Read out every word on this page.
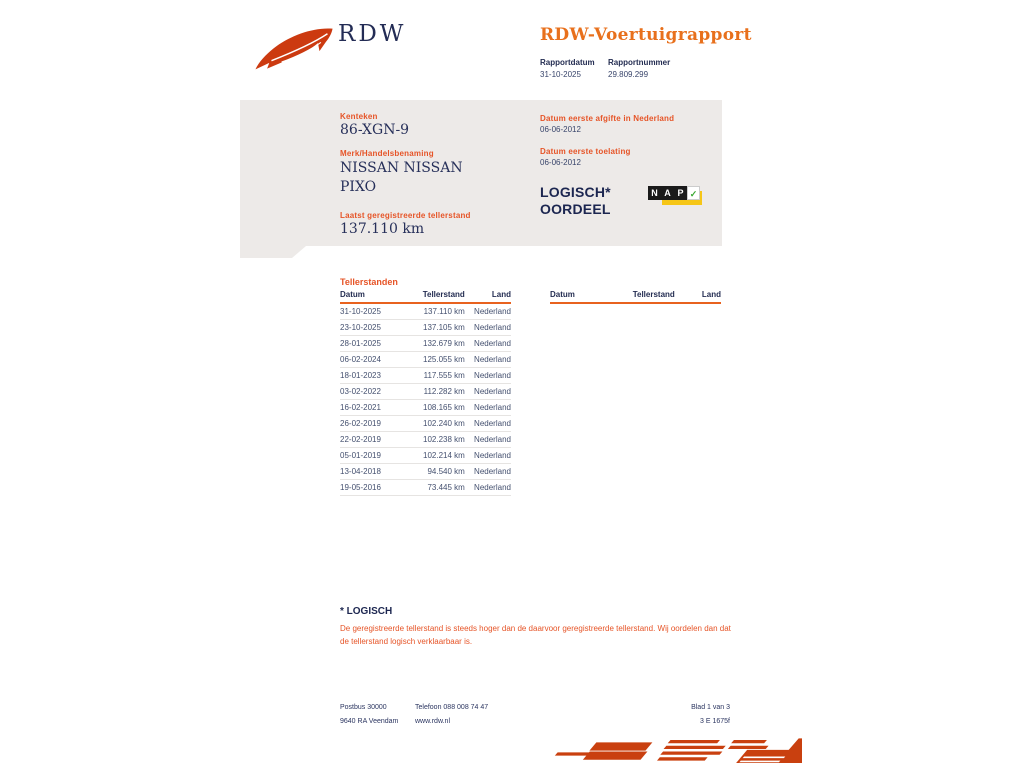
RDW	RDW-Voertuigrapport
Rapportdatum
31-10-2025
Rapportnummer
29.809.299
Kenteken
86-XGN-9
Merk/Handelsbenaming
NISSAN NISSAN PIXO
Laatst geregistreerde tellerstand
137.110 km
Datum eerste afgifte in Nederland
06-06-2012
Datum eerste toelating
06-06-2012
LOGISCH*
OORDEEL
N A P ✓
Tellerstanden
Datum	Tellerstand	Land
31-10-2025	137.110 km	Nederland
23-10-2025	137.105 km	Nederland
28-01-2025	132.679 km	Nederland
06-02-2024	125.055 km	Nederland
18-01-2023	117.555 km	Nederland
03-02-2022	112.282 km	Nederland
16-02-2021	108.165 km	Nederland
26-02-2019	102.240 km	Nederland
22-02-2019	102.238 km	Nederland
05-01-2019	102.214 km	Nederland
13-04-2018	94.540 km	Nederland
19-05-2016	73.445 km	Nederland
Datum	Tellerstand	Land
* LOGISCH
De geregistreerde tellerstand is steeds hoger dan de daarvoor geregistreerde tellerstand. Wij oordelen dan dat de tellerstand logisch verklaarbaar is.
Postbus 30000
9640 RA Veendam
Telefoon 088 008 74 47
www.rdw.nl
Blad 1 van 3
3 E 1675f
